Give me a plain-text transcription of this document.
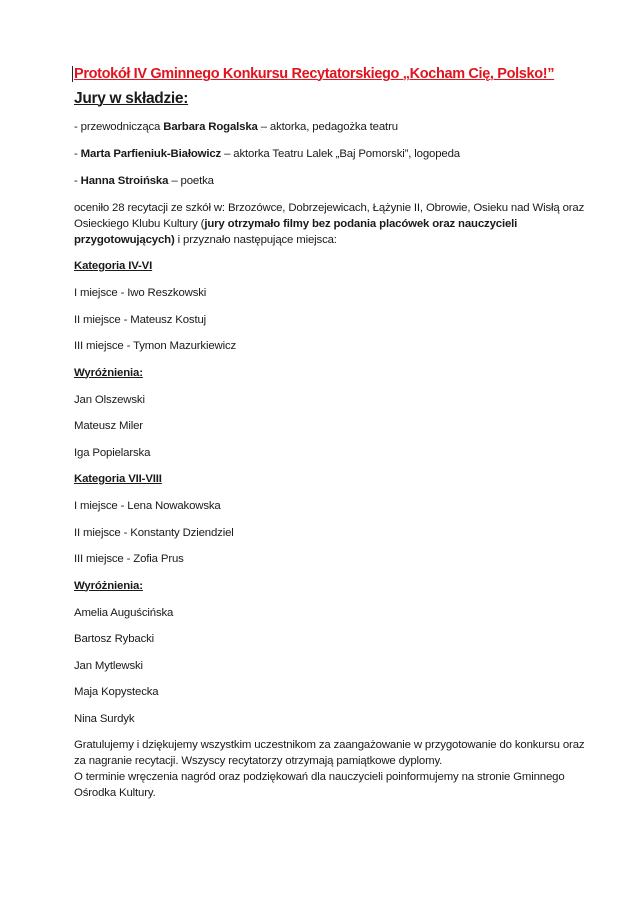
Protokół IV Gminnego Konkursu Recytatorskiego „Kocham Cię, Polsko!”
Jury w składzie:

- przewodnicząca Barbara Rogalska – aktorka, pedagożka teatru

- Marta Parfieniuk-Białowicz – aktorka Teatru Lalek „Baj Pomorski”, logopeda

- Hanna Stroińska – poetka

oceniło 28 recytacji ze szkół w: Brzozówce, Dobrzejewicach, Łążynie II, Obrowie, Osieku nad Wisłą oraz Osieckiego Klubu Kultury (jury otrzymało filmy bez podania placówek oraz nauczycieli przygotowujących) i przyznało następujące miejsca:

Kategoria IV-VI

I miejsce - Iwo Reszkowski

II miejsce - Mateusz Kostuj

III miejsce - Tymon Mazurkiewicz

Wyróżnienia:

Jan Olszewski

Mateusz Miler

Iga Popielarska

Kategoria VII-VIII

I miejsce - Lena Nowakowska

II miejsce - Konstanty Dziendziel

III miejsce - Zofia Prus

Wyróżnienia:

Amelia Auguścińska

Bartosz Rybacki

Jan Mytlewski

Maja Kopystecka

Nina Surdyk

Gratulujemy i dziękujemy wszystkim uczestnikom za zaangażowanie w przygotowanie do konkursu oraz za nagranie recytacji. Wszyscy recytatorzy otrzymają pamiątkowe dyplomy.

O terminie wręczenia nagród oraz podziękowań dla nauczycieli poinformujemy na stronie Gminnego Ośrodka Kultury.
